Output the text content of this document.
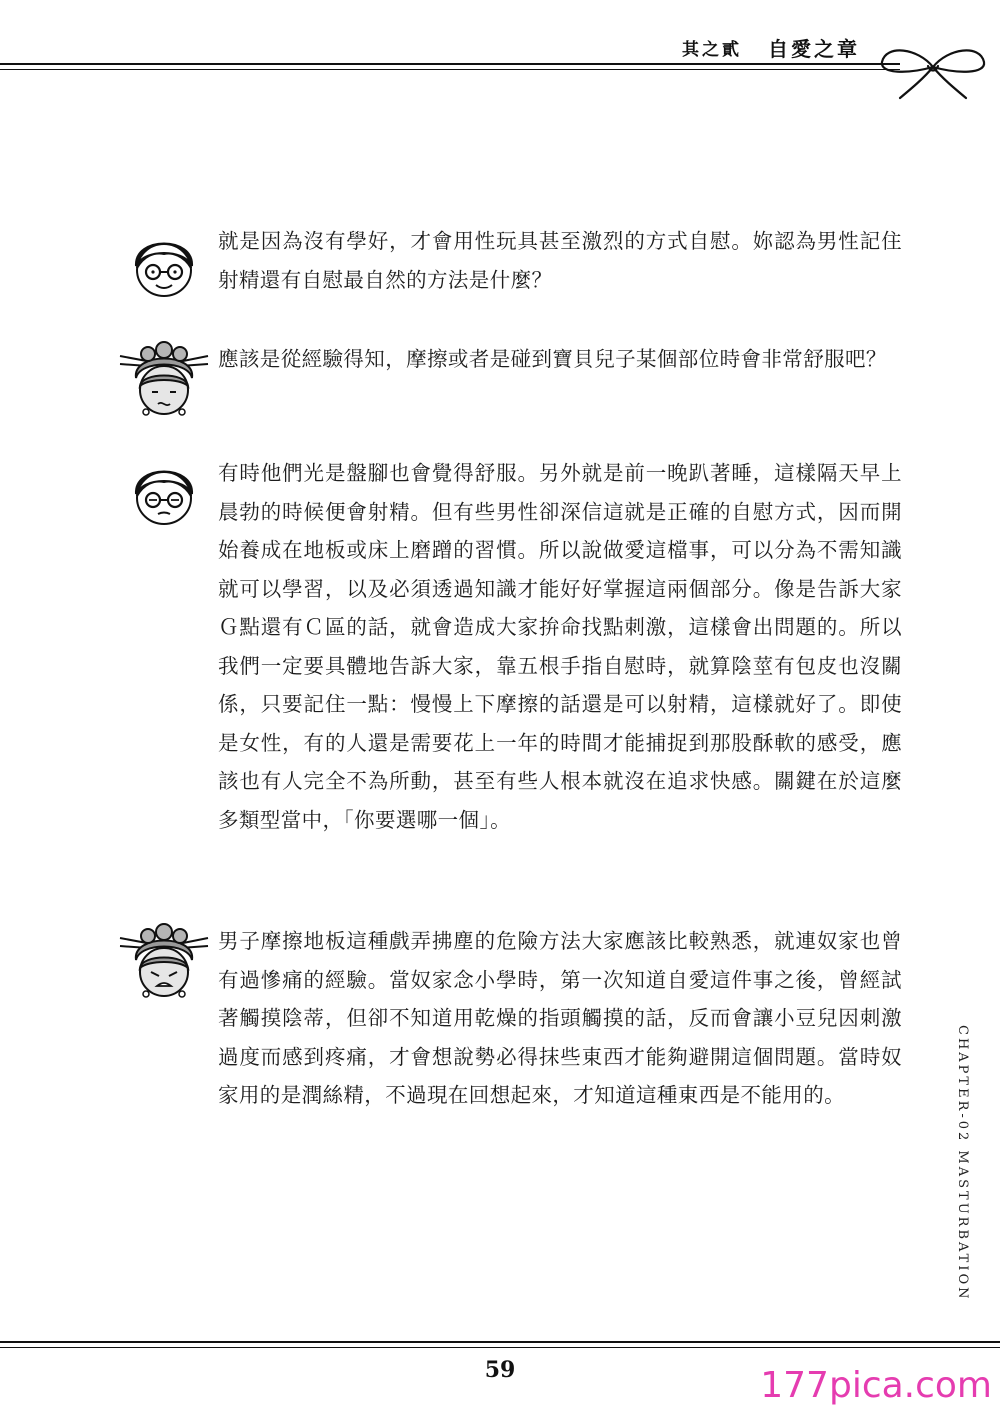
其之貳 自愛之章
就是因為沒有學好，才會用性玩具甚至激烈的方式自慰。妳認為男性記住射精還有自慰最自然的方法是什麼？
應該是從經驗得知，摩擦或者是碰到寶貝兒子某個部位時會非常舒服吧？
有時他們光是盤腳也會覺得舒服。另外就是前一晚趴著睡，這樣隔天早上晨勃的時候便會射精。但有些男性卻深信這就是正確的自慰方式，因而開始養成在地板或床上磨蹭的習慣。所以說做愛這檔事，可以分為不需知識就可以學習，以及必須透過知識才能好好掌握這兩個部分。像是告訴大家Ｇ點還有Ｃ區的話，就會造成大家拚命找點刺激，這樣會出問題的。所以我們一定要具體地告訴大家，靠五根手指自慰時，就算陰莖有包皮也沒關係，只要記住一點：慢慢上下摩擦的話還是可以射精，這樣就好了。即使是女性，有的人還是需要花上一年的時間才能捕捉到那股酥軟的感受，應該也有人完全不為所動，甚至有些人根本就沒在追求快感。關鍵在於這麼多類型當中，「你要選哪一個」。
男子摩擦地板這種戲弄拂塵的危險方法大家應該比較熟悉，就連奴家也曾有過慘痛的經驗。當奴家念小學時，第一次知道自愛這件事之後，曾經試著觸摸陰蒂，但卻不知道用乾燥的指頭觸摸的話，反而會讓小豆兒因刺激過度而感到疼痛，才會想說勢必得抹些東西才能夠避開這個問題。當時奴家用的是潤絲精，不過現在回想起來，才知道這種東西是不能用的。	CHAPTER-02 MASTURBATION
59	177pica.com
